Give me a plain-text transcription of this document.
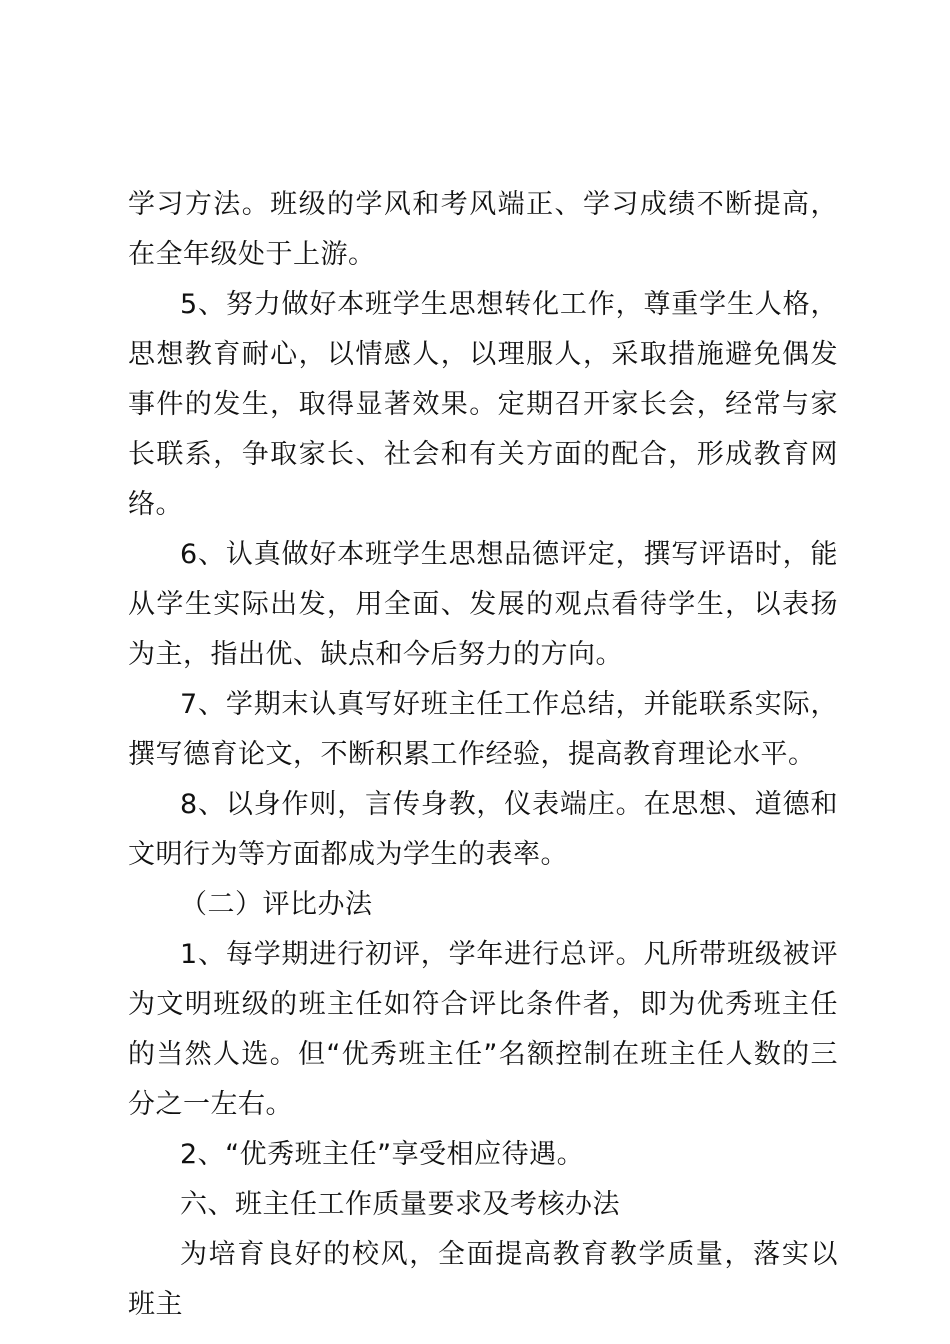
学习方法。班级的学风和考风端正、学习成绩不断提高，在全年级处于上游。

5、努力做好本班学生思想转化工作，尊重学生人格，思想教育耐心，以情感人，以理服人，采取措施避免偶发事件的发生，取得显著效果。定期召开家长会，经常与家长联系，争取家长、社会和有关方面的配合，形成教育网络。

6、认真做好本班学生思想品德评定，撰写评语时，能从学生实际出发，用全面、发展的观点看待学生，以表扬为主，指出优、缺点和今后努力的方向。

7、学期末认真写好班主任工作总结，并能联系实际，撰写德育论文，不断积累工作经验，提高教育理论水平。

8、以身作则，言传身教，仪表端庄。在思想、道德和文明行为等方面都成为学生的表率。

（二）评比办法

1、每学期进行初评，学年进行总评。凡所带班级被评为文明班级的班主任如符合评比条件者，即为优秀班主任的当然人选。但“优秀班主任”名额控制在班主任人数的三分之一左右。

2、“优秀班主任”享受相应待遇。

六、班主任工作质量要求及考核办法

为培育良好的校风，全面提高教育教学质量，落实以班主
